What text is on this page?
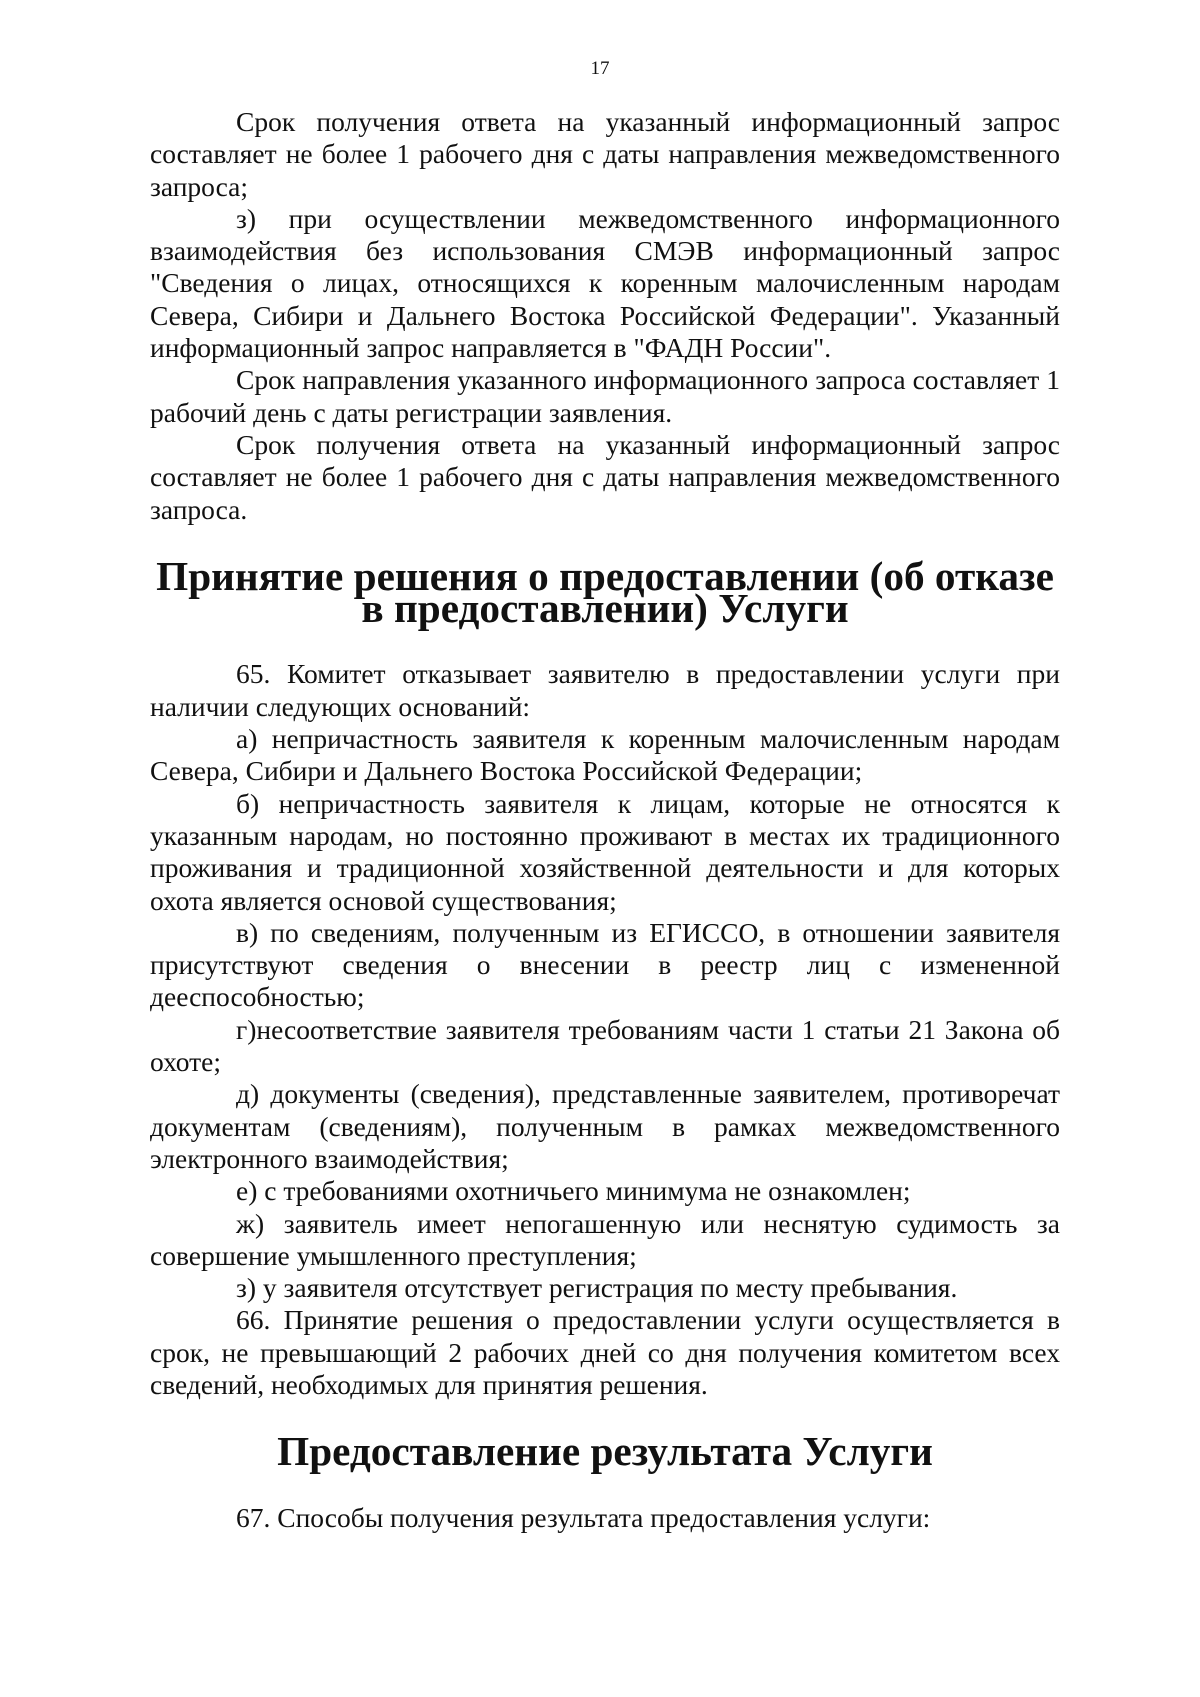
17

Срок получения ответа на указанный информационный запрос составляет не более 1 рабочего дня с даты направления межведомственного запроса;

з) при осуществлении межведомственного информационного взаимодействия без использования СМЭВ информационный запрос "Сведения о лицах, относящихся к коренным малочисленным народам Севера, Сибири и Дальнего Востока Российской Федерации". Указанный информационный запрос направляется в "ФАДН России".

Срок направления указанного информационного запроса составляет 1 рабочий день с даты регистрации заявления.

Срок получения ответа на указанный информационный запрос составляет не более 1 рабочего дня с даты направления межведомственного запроса.

Принятие решения о предоставлении (об отказе в предоставлении) Услуги

65. Комитет отказывает заявителю в предоставлении услуги при наличии следующих оснований:

а) непричастность заявителя к коренным малочисленным народам Севера, Сибири и Дальнего Востока Российской Федерации;

б) непричастность заявителя к лицам, которые не относятся к указанным народам, но постоянно проживают в местах их традиционного проживания и традиционной хозяйственной деятельности и для которых охота является основой существования;

в) по сведениям, полученным из ЕГИССО, в отношении заявителя присутствуют сведения о внесении в реестр лиц с измененной дееспособностью;

г)несоответствие заявителя требованиям части 1 статьи 21 Закона об охоте;

д) документы (сведения), представленные заявителем, противоречат документам (сведениям), полученным в рамках межведомственного электронного взаимодействия;

е) с требованиями охотничьего минимума не ознакомлен;

ж) заявитель имеет непогашенную или неснятую судимость за совершение умышленного преступления;

з) у заявителя отсутствует регистрация по месту пребывания.

66. Принятие решения о предоставлении услуги осуществляется в срок, не превышающий 2 рабочих дней со дня получения комитетом всех сведений, необходимых для принятия решения.

Предоставление результата Услуги

67. Способы получения результата предоставления услуги:
